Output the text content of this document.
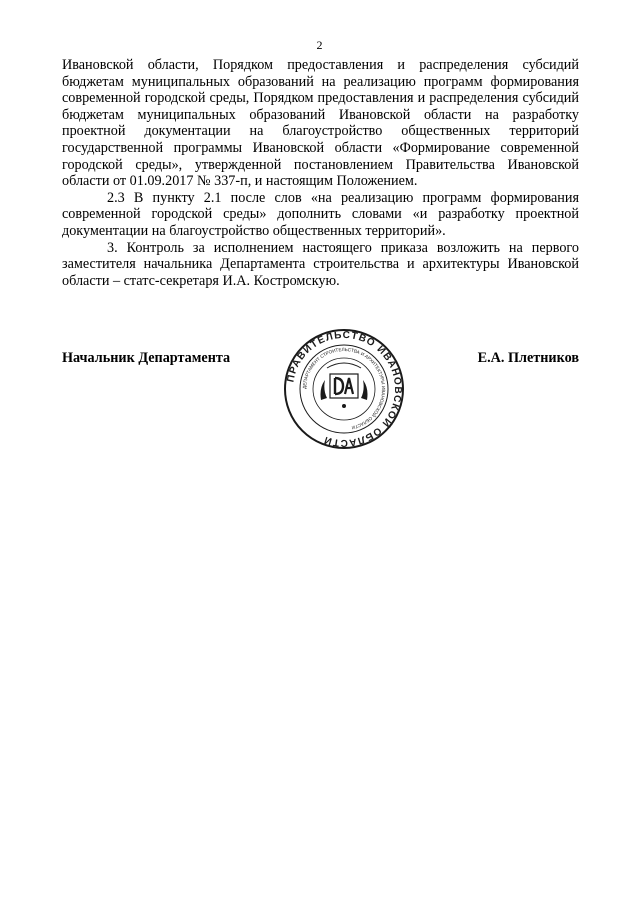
2

Ивановской области, Порядком предоставления и распределения субсидий бюджетам муниципальных образований на реализацию программ формирования современной городской среды, Порядком предоставления и распределения субсидий бюджетам муниципальных образований Ивановской области на разработку проектной документации на благоустройство общественных территорий государственной программы Ивановской области «Формирование современной городской среды», утвержденной постановлением Правительства Ивановской области от 01.09.2017 № 337-п, и настоящим Положением.

2.3 В пункту 2.1 после слов «на реализацию программ формирования современной городской среды» дополнить словами «и разработку проектной документации на благоустройство общественных территорий».

3. Контроль за исполнением настоящего приказа возложить на первого заместителя начальника Департамента строительства и архитектуры Ивановской области – статс-секретаря И.А. Костромскую.

Начальник Департамента
ПРАВИТЕЛЬСТВО ИВАНОВСКОЙ ОБЛАСТИ
ДЕПАРТАМЕНТ СТРОИТЕЛЬСТВА И АРХИТЕКТУРЫ ИВАНОВСКОЙ ОБЛАСТИ
Е.А. Плетников
